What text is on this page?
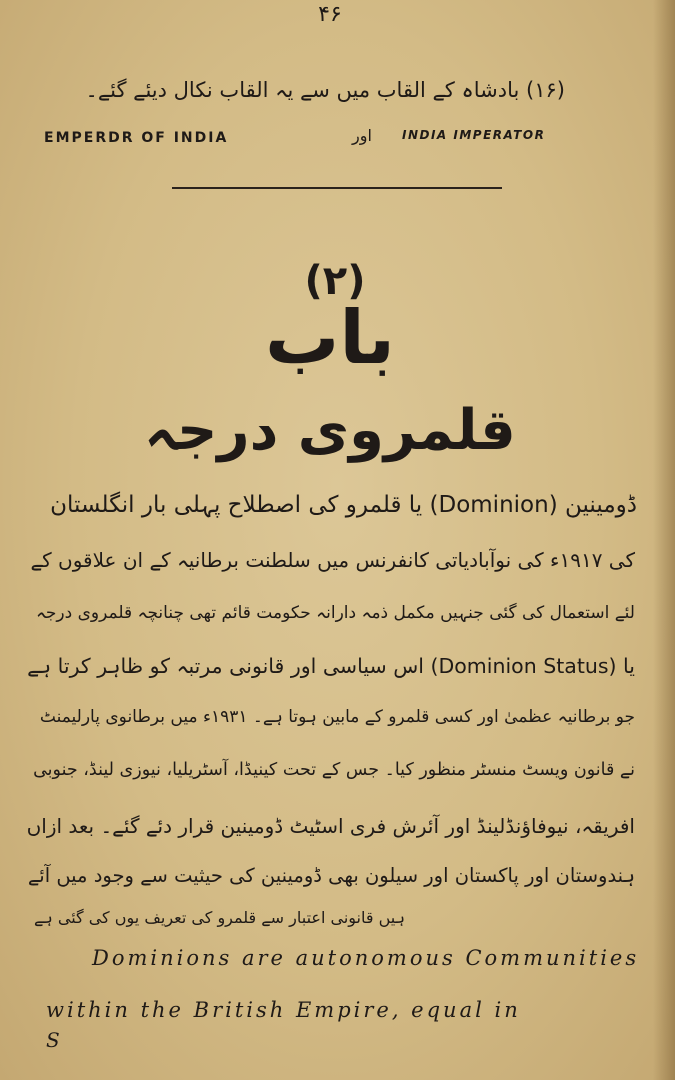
۴۶
(۱۶) بادشاہ کے القاب میں سے یہ القاب نکال دیئے گئے۔
EMPERDR OF INDIA	اور	INDIA IMPERATOR
(۲)
باب
قلمروی درجہ
ڈومینین (Dominion) یا قلمرو کی اصطلاح پہلی بار انگلستان
کی ۱۹۱۷ء کی نوآبادیاتی کانفرنس میں سلطنت برطانیہ کے ان علاقوں کے
لئے استعمال کی گئی جنہیں مکمل ذمہ دارانہ حکومت قائم تھی چنانچہ قلمروی درجہ
یا (Dominion Status) اس سیاسی اور قانونی مرتبہ کو ظاہر کرتا ہے
جو برطانیہ عظمیٰ اور کسی قلمرو کے مابین ہوتا ہے۔ ۱۹۳۱ء میں برطانوی پارلیمنٹ
نے قانون ویسٹ منسٹر منظور کیا۔ جس کے تحت کینیڈا، آسٹریلیا، نیوزی لینڈ، جنوبی
افریقہ، نیوفاؤنڈلینڈ اور آئرش فری اسٹیٹ ڈومینین قرار دئے گئے۔ بعد ازاں
ہندوستان اور پاکستان اور سیلون بھی ڈومینین کی حیثیت سے وجود میں آئے
ہیں قانونی اعتبار سے قلمرو کی تعریف یوں کی گئی ہے
Dominions are autonomous Communities
within the British Empire, equal in
S
